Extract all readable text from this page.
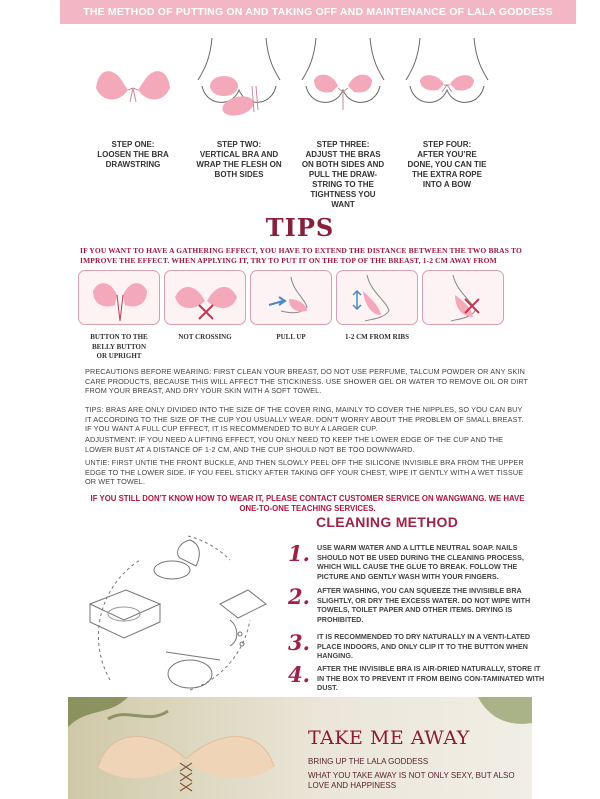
THE METHOD OF PUTTING ON AND TAKING OFF AND MAINTENANCE OF LALA GODDESS
STEP ONE:
LOOSEN THE BRA
DRAWSTRING
STEP TWO:
VERTICAL BRA AND
WRAP THE FLESH ON
BOTH SIDES
STEP THREE:
ADJUST THE BRAS
ON BOTH SIDES AND
PULL THE DRAW-
STRING TO THE
TIGHTNESS YOU
WANT
STEP FOUR:
AFTER YOU’RE
DONE, YOU CAN TIE
THE EXTRA ROPE
INTO A BOW
TIPS
IF YOU WANT TO HAVE A GATHERING EFFECT, YOU HAVE TO EXTEND THE DISTANCE BETWEEN THE TWO BRAS TO IMPROVE THE EFFECT. WHEN APPLYING IT, TRY TO PUT IT ON THE TOP OF THE BREAST, 1-2 CM AWAY FROM
BUTTON TO THE
BELLY BUTTON
OR UPRIGHT
NOT CROSSING	PULL UP	1-2 CM FROM RIBS
PRECAUTIONS BEFORE WEARING: FIRST CLEAN YOUR BREAST, DO NOT USE PERFUME, TALCUM POWDER OR ANY SKIN CARE PRODUCTS, BECAUSE THIS WILL AFFECT THE STICKINESS. USE SHOWER GEL OR WATER TO REMOVE OIL OR DIRT FROM YOUR BREAST, AND DRY YOUR SKIN WITH A SOFT TOWEL.
TIPS: BRAS ARE ONLY DIVIDED INTO THE SIZE OF THE COVER RING, MAINLY TO COVER THE NIPPLES, SO YOU CAN BUY IT ACCORDING TO THE SIZE OF THE CUP YOU USUALLY WEAR. DON’T WORRY ABOUT THE PROBLEM OF SMALL BREAST. IF YOU WANT A FULL CUP EFFECT, IT IS RECOMMENDED TO BUY A LARGER CUP.
ADJUSTMENT: IF YOU NEED A LIFTING EFFECT, YOU ONLY NEED TO KEEP THE LOWER EDGE OF THE CUP AND THE LOWER BUST AT A DISTANCE OF 1-2 CM, AND THE CUP SHOULD NOT BE TOO DOWNWARD.
UNTIE: FIRST UNTIE THE FRONT BUCKLE, AND THEN SLOWLY PEEL OFF THE SILICONE INVISIBLE BRA FROM THE UPPER EDGE TO THE LOWER SIDE. IF YOU FEEL STICKY AFTER TAKING OFF YOUR CHEST, WIPE IT GENTLY WITH A WET TISSUE OR WET TOWEL.
IF YOU STILL DON’T KNOW HOW TO WEAR IT, PLEASE CONTACT CUSTOMER SERVICE ON WANGWANG. WE HAVE ONE-TO-ONE TEACHING SERVICES.
CLEANING METHOD
1. USE WARM WATER AND A LITTLE NEUTRAL SOAP. NAILS SHOULD NOT BE USED DURING THE CLEANING PROCESS, WHICH WILL CAUSE THE GLUE TO BREAK. FOLLOW THE PICTURE AND GENTLY WASH WITH YOUR FINGERS.
2. AFTER WASHING, YOU CAN SQUEEZE THE INVISIBLE BRA SLIGHTLY, OR DRY THE EXCESS WATER. DO NOT WIPE WITH TOWELS, TOILET PAPER AND OTHER ITEMS. DRYING IS PROHIBITED.
3. IT IS RECOMMENDED TO DRY NATURALLY IN A VENTI-LATED PLACE INDOORS, AND ONLY CLIP IT TO THE BUTTON WHEN HANGING.
4. AFTER THE INVISIBLE BRA IS AIR-DRIED NATURALLY, STORE IT IN THE BOX TO PREVENT IT FROM BEING CON-TAMINATED WITH DUST.
TAKE ME AWAY
BRING UP THE LALA GODDESS
WHAT YOU TAKE AWAY IS NOT ONLY SEXY, BUT ALSO LOVE AND HAPPINESS
